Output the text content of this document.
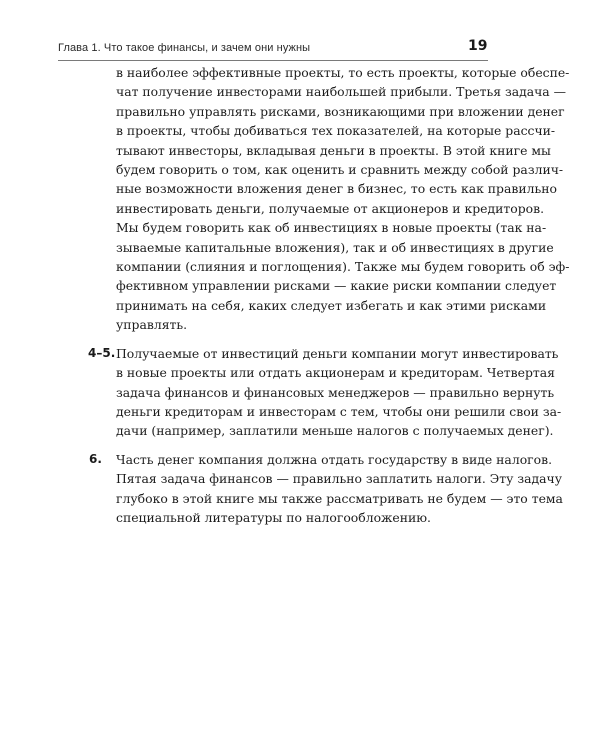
Глава 1. Что такое финансы, и зачем они нужны	19
в наиболее эффективные проекты, то есть проекты, которые обеспе-
чат получение инвесторами наибольшей прибыли. Третья задача —
правильно управлять рисками, возникающими при вложении денег
в проекты, чтобы добиваться тех показателей, на которые рассчи-
тывают инвесторы, вкладывая деньги в проекты. В этой книге мы
будем говорить о том, как оценить и сравнить между собой различ-
ные возможности вложения денег в бизнес, то есть как правильно
инвестировать деньги, получаемые от акционеров и кредиторов.
Мы будем говорить как об инвестициях в новые проекты (так на-
зываемые капитальные вложения), так и об инвестициях в другие
компании (слияния и поглощения). Также мы будем говорить об эф-
фективном управлении рисками — какие риски компании следует
принимать на себя, каких следует избегать и как этими рисками
управлять.
4–5. Получаемые от инвестиций деньги компании могут инвестировать
в новые проекты или отдать акционерам и кредиторам. Четвертая
задача финансов и финансовых менеджеров — правильно вернуть
деньги кредиторам и инвесторам с тем, чтобы они решили свои за-
дачи (например, заплатили меньше налогов с получаемых денег).
6. Часть денег компания должна отдать государству в виде налогов.
Пятая задача финансов — правильно заплатить налоги. Эту задачу
глубоко в этой книге мы также рассматривать не будем — это тема
специальной литературы по налогообложению.
